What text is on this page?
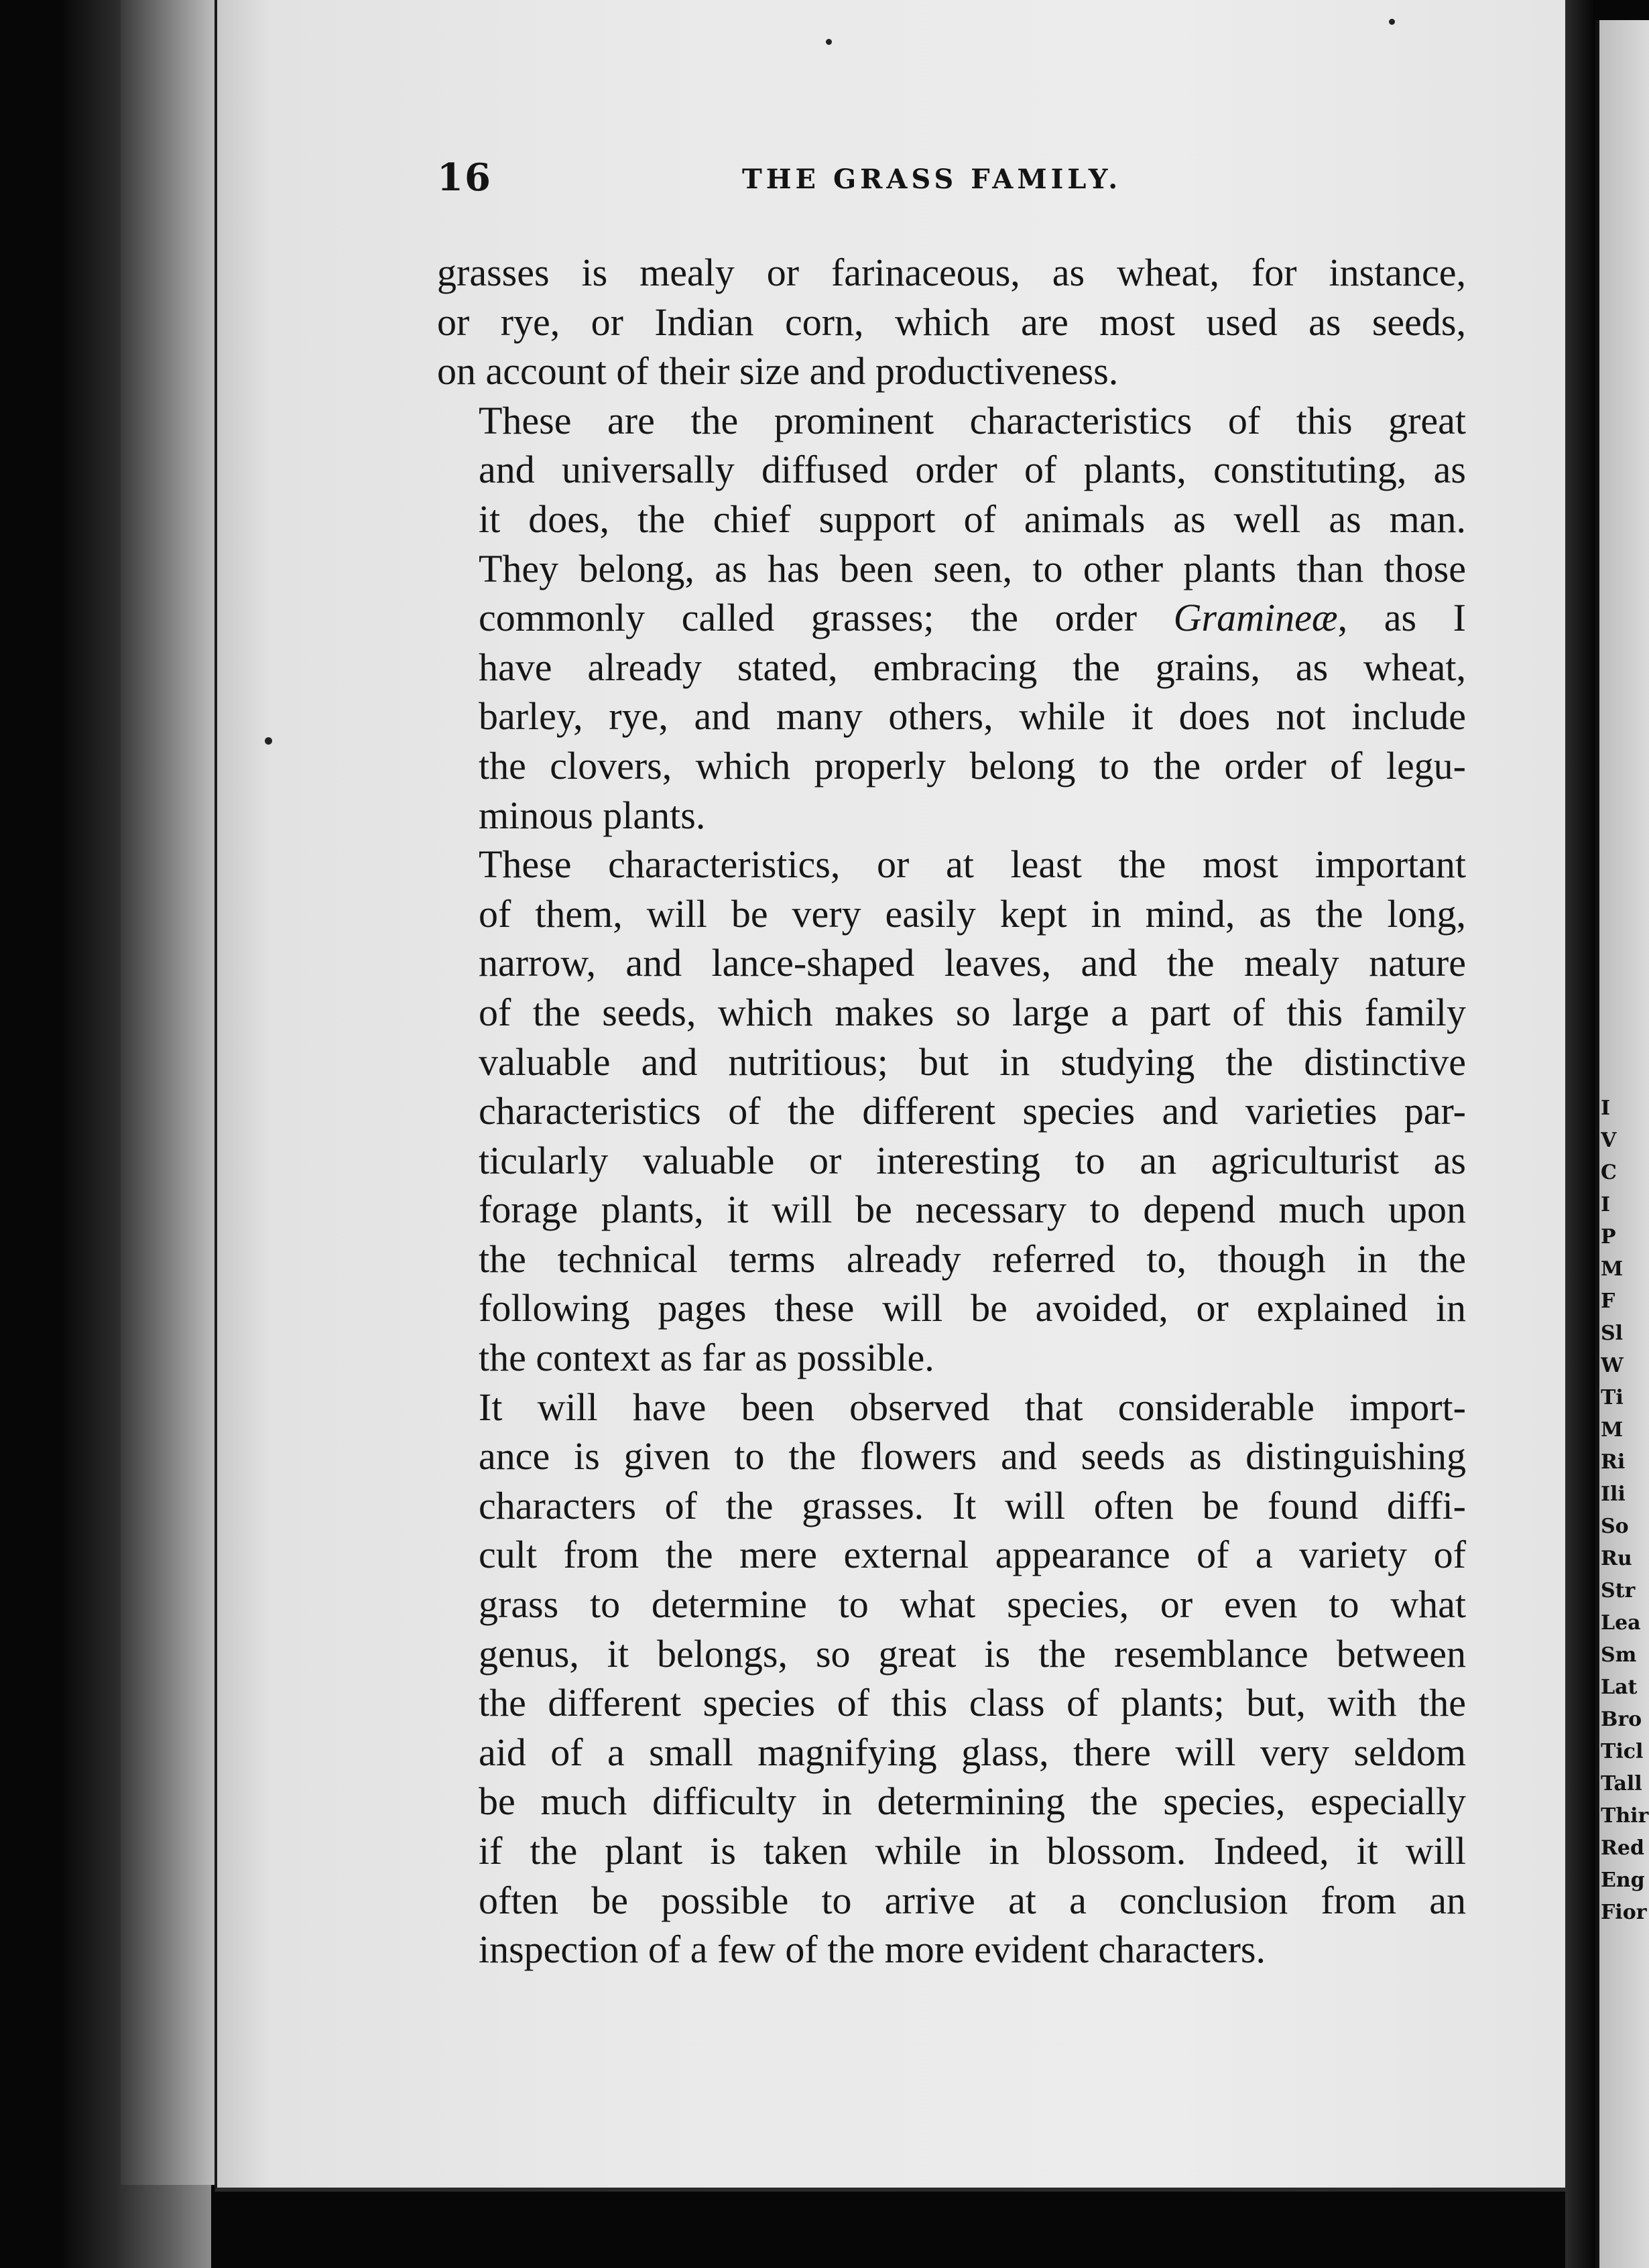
16	THE GRASS FAMILY.

grasses is mealy or farinaceous, as wheat, for instance,
or rye, or Indian corn, which are most used as seeds,
on account of their size and productiveness.

These are the prominent characteristics of this great
and universally diffused order of plants, constituting, as
it does, the chief support of animals as well as man.
They belong, as has been seen, to other plants than those
commonly called grasses; the order Gramineæ, as I
have already stated, embracing the grains, as wheat,
barley, rye, and many others, while it does not include
the clovers, which properly belong to the order of legu-
minous plants.

These characteristics, or at least the most important
of them, will be very easily kept in mind, as the long,
narrow, and lance-shaped leaves, and the mealy nature
of the seeds, which makes so large a part of this family
valuable and nutritious; but in studying the distinctive
characteristics of the different species and varieties par-
ticularly valuable or interesting to an agriculturist as
forage plants, it will be necessary to depend much upon
the technical terms already referred to, though in the
following pages these will be avoided, or explained in
the context as far as possible.

It will have been observed that considerable import-
ance is given to the flowers and seeds as distinguishing
characters of the grasses. It will often be found diffi-
cult from the mere external appearance of a variety of
grass to determine to what species, or even to what
genus, it belongs, so great is the resemblance between
the different species of this class of plants; but, with the
aid of a small magnifying glass, there will very seldom
be much difficulty in determining the species, especially
if the plant is taken while in blossom. Indeed, it will
often be possible to arrive at a conclusion from an
inspection of a few of the more evident characters.

I
V
C
I
P
M
F
Sl
W
Ti
M
Ri
Ili
So
Ru
Str
Lea
Sm
Lat
Bro
Ticl
Tall
Thir
Red
Eng
Fior
